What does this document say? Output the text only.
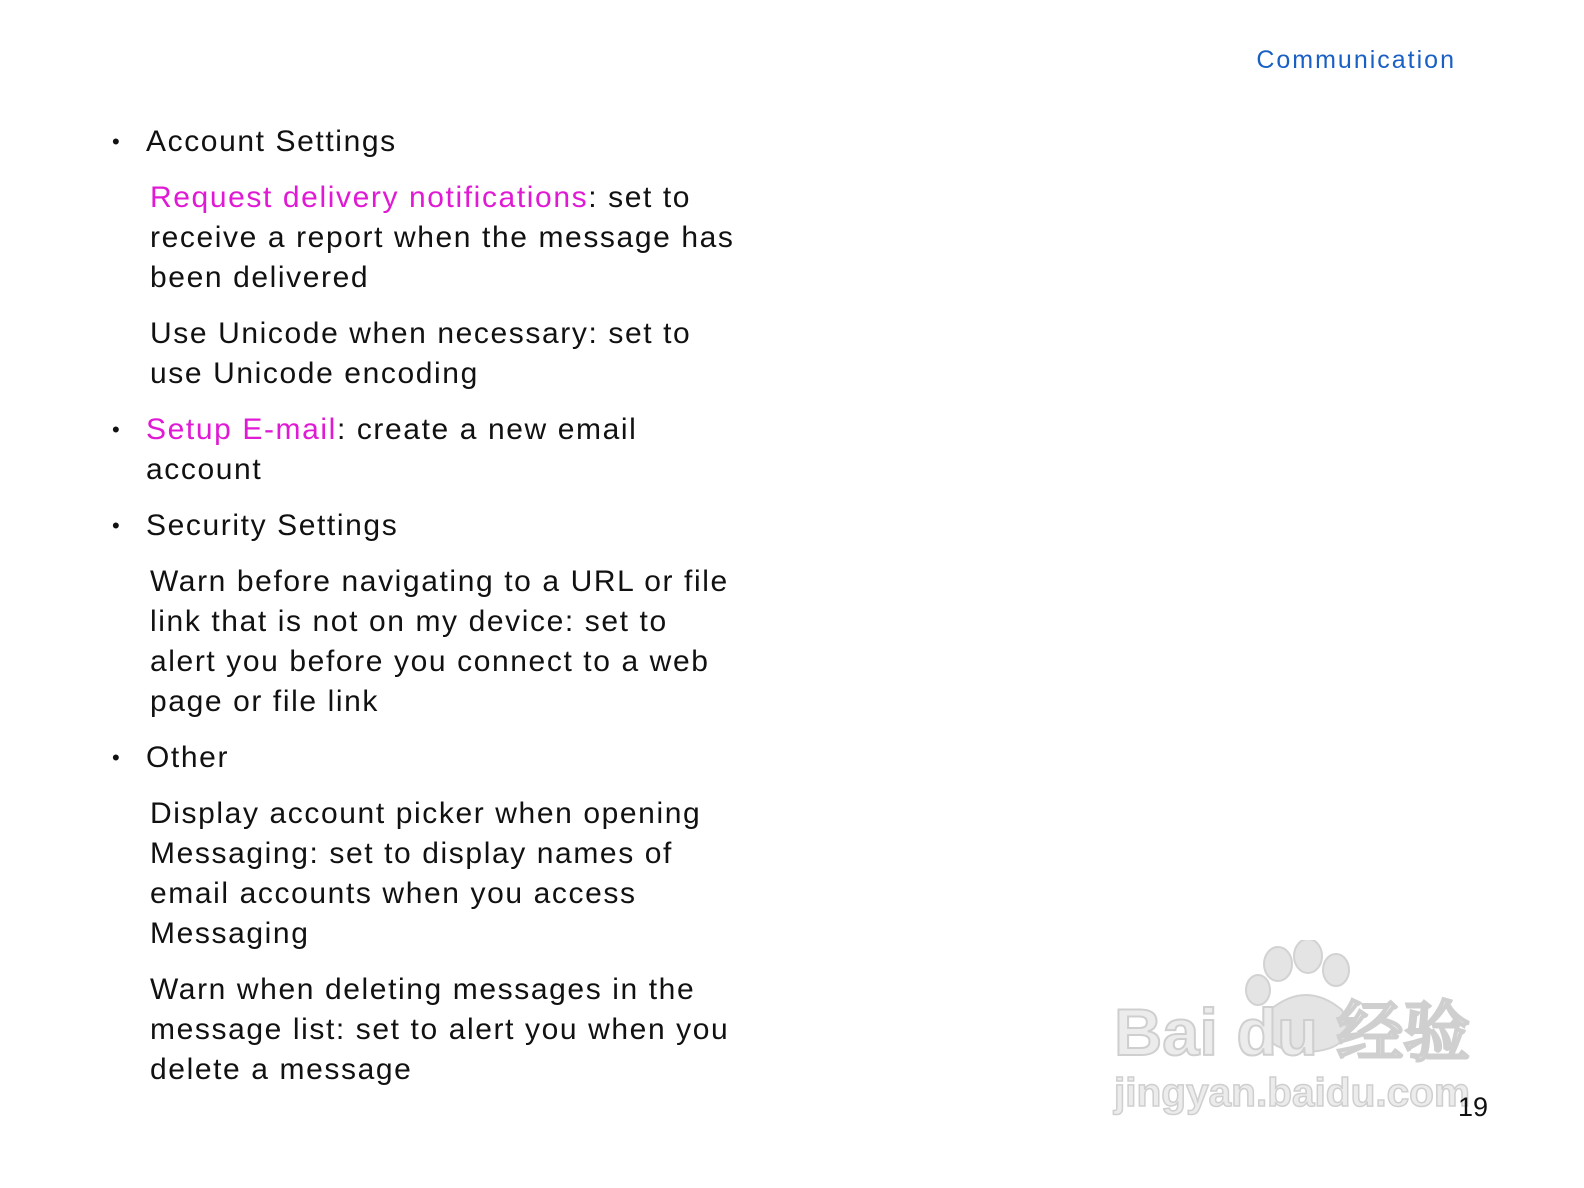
Communication
• Account Settings
Request delivery notifications: set to receive a report when the message has been delivered
Use Unicode when necessary: set to use Unicode encoding
• Setup E-mail: create a new email account
• Security Settings
Warn before navigating to a URL or file link that is not on my device: set to alert you before you connect to a web page or file link
• Other
Display account picker when opening Messaging: set to display names of email accounts when you access Messaging
Warn when deleting messages in the message list: set to alert you when you delete a message
Bai du 经验
jingyan.baidu.com
19
